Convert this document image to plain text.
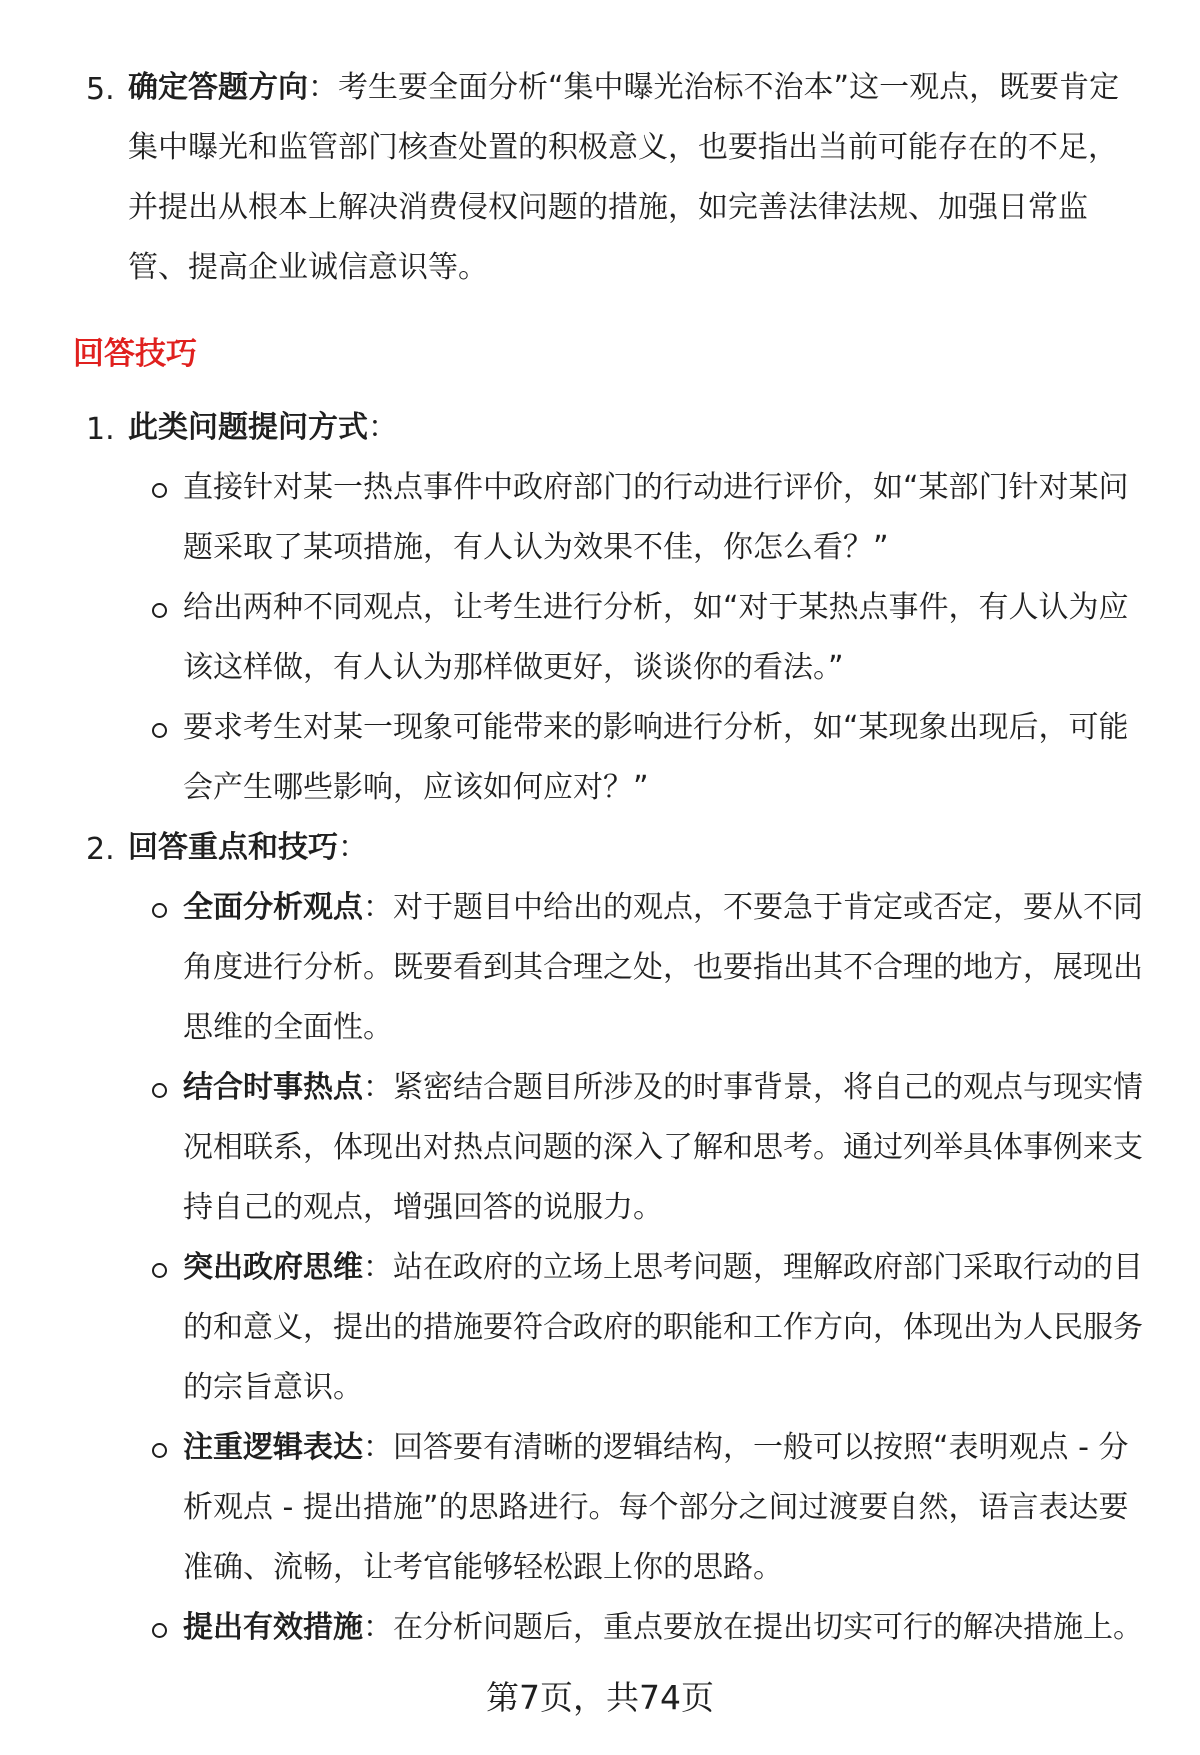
5. 确定答题方向：考生要全面分析“集中曝光治标不治本”这一观点，既要肯定集中曝光和监管部门核查处置的积极意义，也要指出当前可能存在的不足，并提出从根本上解决消费侵权问题的措施，如完善法律法规、加强日常监管、提高企业诚信意识等。
回答技巧
1. 此类问题提问方式：
直接针对某一热点事件中政府部门的行动进行评价，如“某部门针对某问题采取了某项措施，有人认为效果不佳，你怎么看？”
给出两种不同观点，让考生进行分析，如“对于某热点事件，有人认为应该这样做，有人认为那样做更好，谈谈你的看法。”
要求考生对某一现象可能带来的影响进行分析，如“某现象出现后，可能会产生哪些影响，应该如何应对？”
2. 回答重点和技巧：
全面分析观点：对于题目中给出的观点，不要急于肯定或否定，要从不同角度进行分析。既要看到其合理之处，也要指出其不合理的地方，展现出思维的全面性。
结合时事热点：紧密结合题目所涉及的时事背景，将自己的观点与现实情况相联系，体现出对热点问题的深入了解和思考。通过列举具体事例来支持自己的观点，增强回答的说服力。
突出政府思维：站在政府的立场上思考问题，理解政府部门采取行动的目的和意义，提出的措施要符合政府的职能和工作方向，体现出为人民服务的宗旨意识。
注重逻辑表达：回答要有清晰的逻辑结构，一般可以按照“表明观点 - 分析观点 - 提出措施”的思路进行。每个部分之间过渡要自然，语言表达要准确、流畅，让考官能够轻松跟上你的思路。
提出有效措施：在分析问题后，重点要放在提出切实可行的解决措施上。
第7页，共74页
